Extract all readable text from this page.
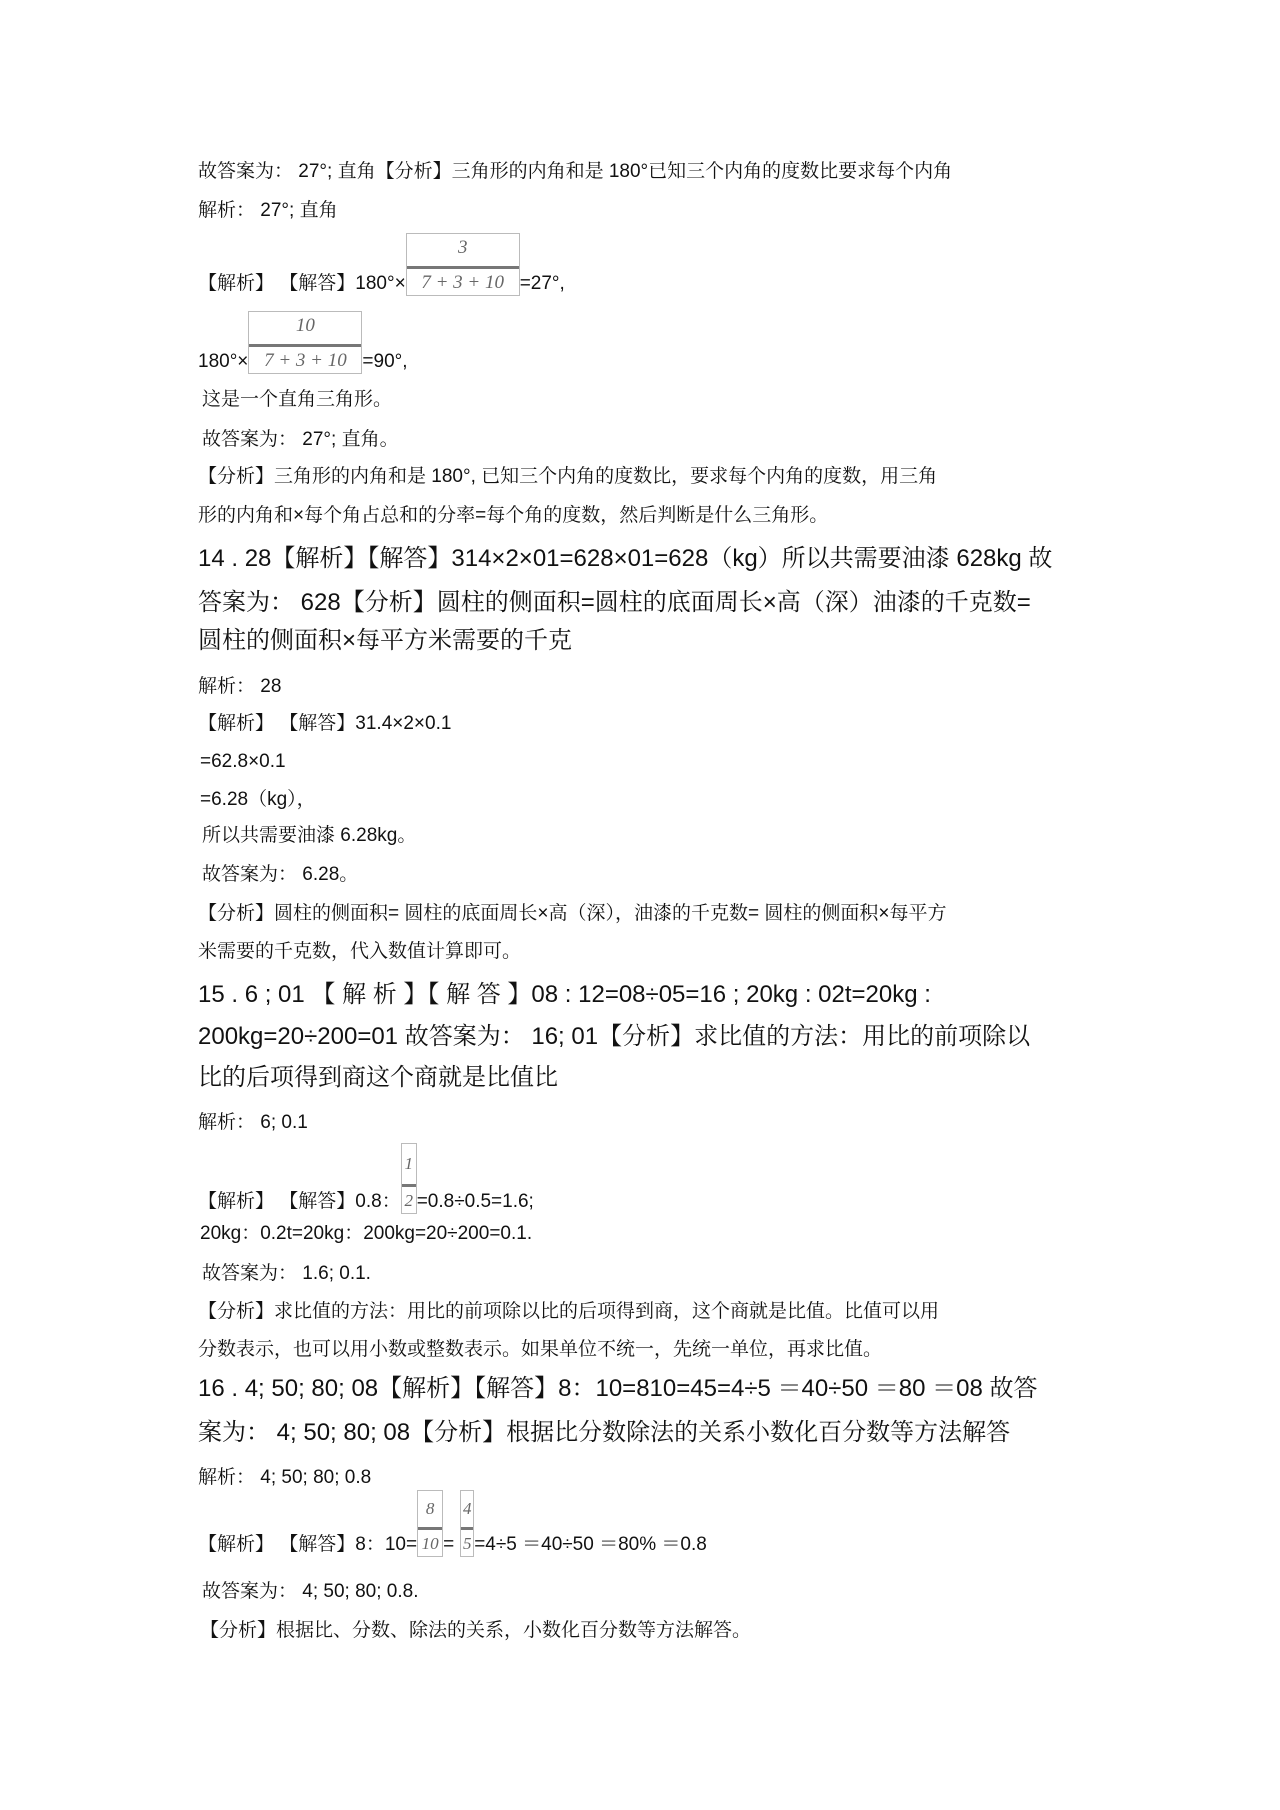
故答案为： 27°; 直角【分析】三角形的内角和是 180°已知三个内角的度数比要求每个内角
解析： 27°; 直角
【解析】 【解答】$180^\circ\times \frac{3}{7 + 3 + 10} =27^\circ$,
$180^\circ\times \frac{10}{7 + 3 + 10} =90^\circ$,
这是一个直角三角形。
故答案为： 27°; 直角。
【分析】三角形的内角和是 180°, 已知三个内角的度数比，要求每个内角的度数，用三角
形的内角和×每个角占总和的分率=每个角的度数，然后判断是什么三角形。
14 . 28【解析】【解答】314×2×01=628×01=628（kg）所以共需要油漆 628kg 故
答案为： 628【分析】圆柱的侧面积=圆柱的底面周长×高（深）油漆的千克数=
圆柱的侧面积×每平方米需要的千克
解析： 28
【解析】 【解答】31.4×2×0.1
=62.8×0.1
=6.28（kg），
所以共需要油漆 6.28kg。
故答案为： 6.28。
【分析】圆柱的侧面积= 圆柱的底面周长×高（深），油漆的千克数= 圆柱的侧面积×每平方
米需要的千克数，代入数值计算即可。
15 . 6 ; 01 【 解 析 】【 解 答 】08 : 12=08÷05=16 ; 20kg : 02t=20kg :
200kg=20÷200=01 故答案为： 16; 01【分析】求比值的方法：用比的前项除以
比的后项得到商这个商就是比值比
解析： 6; 0.1
【解析】 【解答】0.8： $\frac{1}{2} =0.8\div 0.5=1.6$;
20kg：0.2t=20kg：200kg=20÷200=0.1.
故答案为： 1.6; 0.1.
【分析】求比值的方法：用比的前项除以比的后项得到商，这个商就是比值。比值可以用
分数表示，也可以用小数或整数表示。如果单位不统一，先统一单位，再求比值。
16 . 4; 50; 80; 08【解析】【解答】8：10=810=45=4÷5 ＝40÷50 ＝80 ＝08 故答
案为： 4; 50; 80; 08【分析】根据比分数除法的关系小数化百分数等方法解答
解析： 4; 50; 80; 0.8
【解析】 【解答】8：$10= \frac{8}{10} = \frac{4}{5} =4\div 5 =40\div 50 =80\% =0.8$
故答案为： 4; 50; 80; 0.8.
【分析】根据比、分数、除法的关系，小数化百分数等方法解答。
